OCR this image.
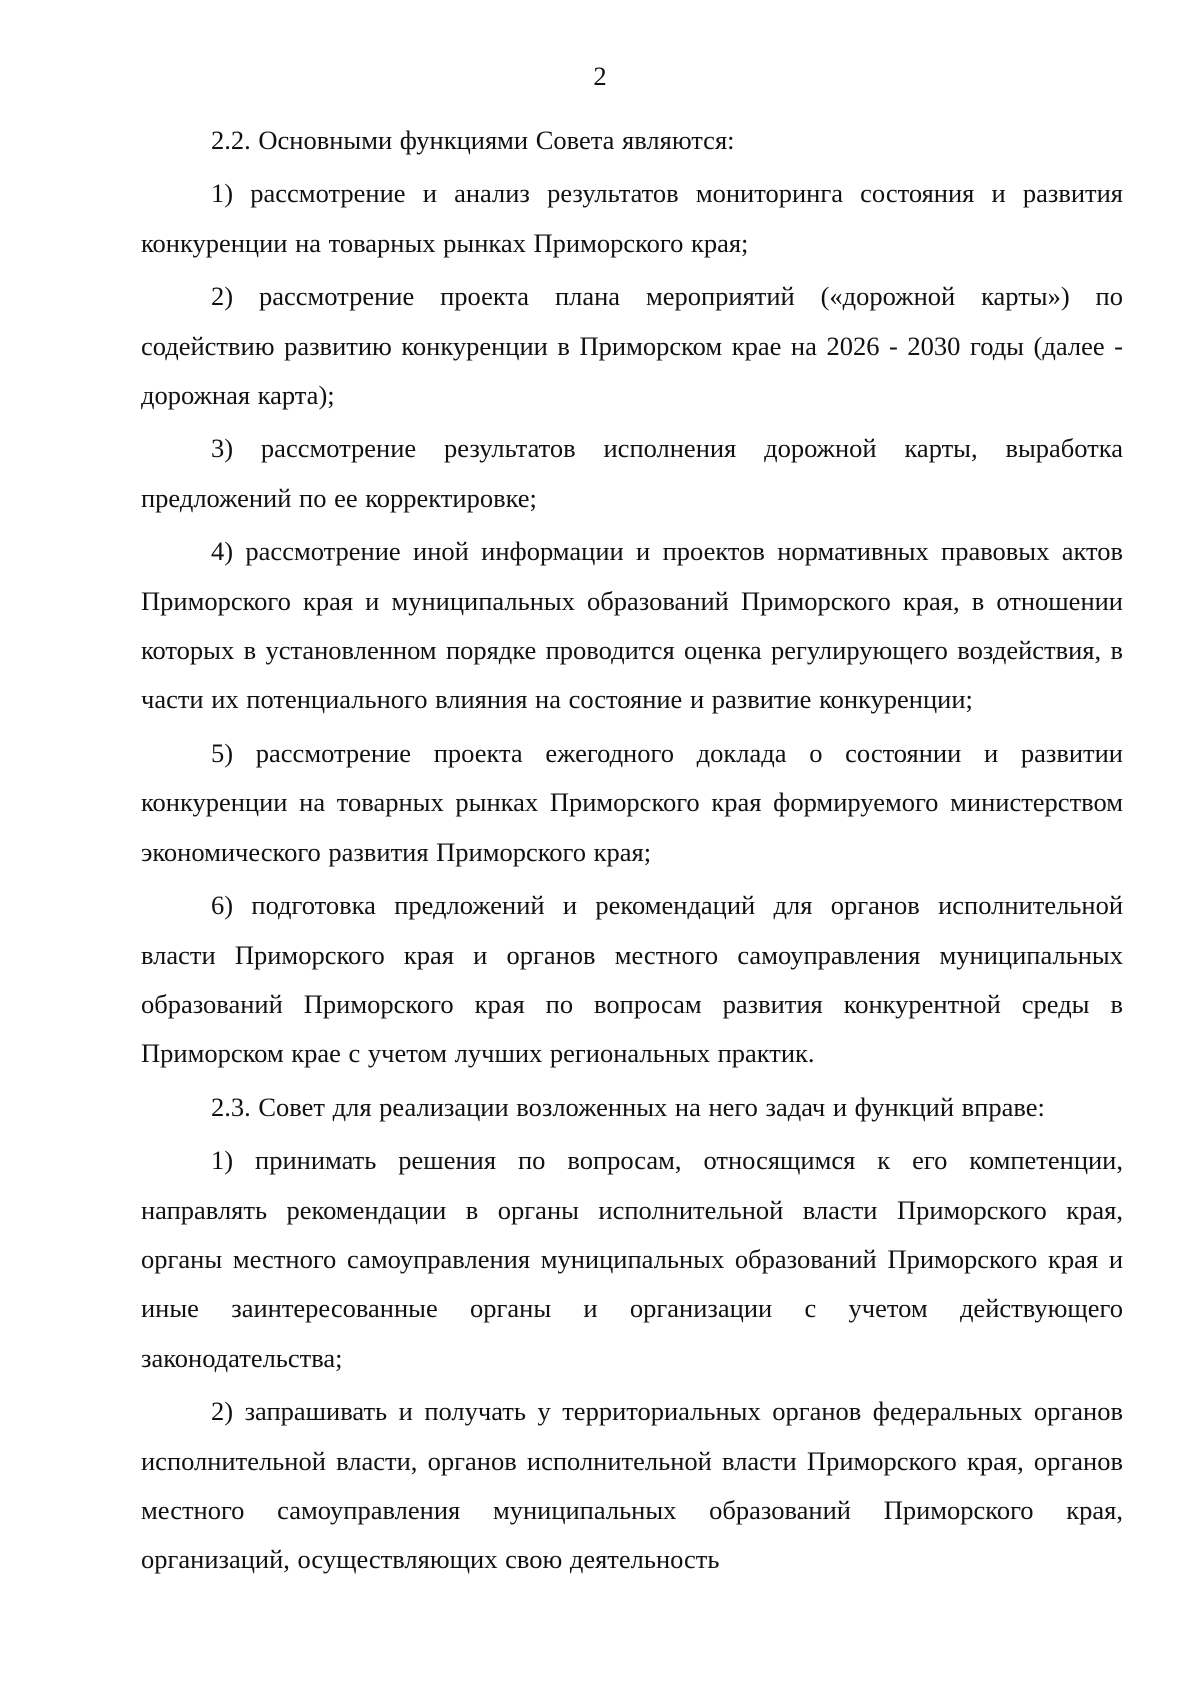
2

2.2. Основными функциями Совета являются:

1) рассмотрение и анализ результатов мониторинга состояния и развития конкуренции на товарных рынках Приморского края;

2) рассмотрение проекта плана мероприятий («дорожной карты») по содействию развитию конкуренции в Приморском крае на 2026 - 2030 годы (далее - дорожная карта);

3) рассмотрение результатов исполнения дорожной карты, выработка предложений по ее корректировке;

4) рассмотрение иной информации и проектов нормативных правовых актов Приморского края и муниципальных образований Приморского края, в отношении которых в установленном порядке проводится оценка регулирующего воздействия, в части их потенциального влияния на состояние и развитие конкуренции;

5) рассмотрение проекта ежегодного доклада о состоянии и развитии конкуренции на товарных рынках Приморского края формируемого министерством экономического развития Приморского края;

6) подготовка предложений и рекомендаций для органов исполнительной власти Приморского края и органов местного самоуправления муниципальных образований Приморского края по вопросам развития конкурентной среды в Приморском крае с учетом лучших региональных практик.

2.3. Совет для реализации возложенных на него задач и функций вправе:

1) принимать решения по вопросам, относящимся к его компетенции, направлять рекомендации в органы исполнительной власти Приморского края, органы местного самоуправления муниципальных образований Приморского края и иные заинтересованные органы и организации с учетом действующего законодательства;

2) запрашивать и получать у территориальных органов федеральных органов исполнительной власти, органов исполнительной власти Приморского края, органов местного самоуправления муниципальных образований Приморского края, организаций, осуществляющих свою деятельность
